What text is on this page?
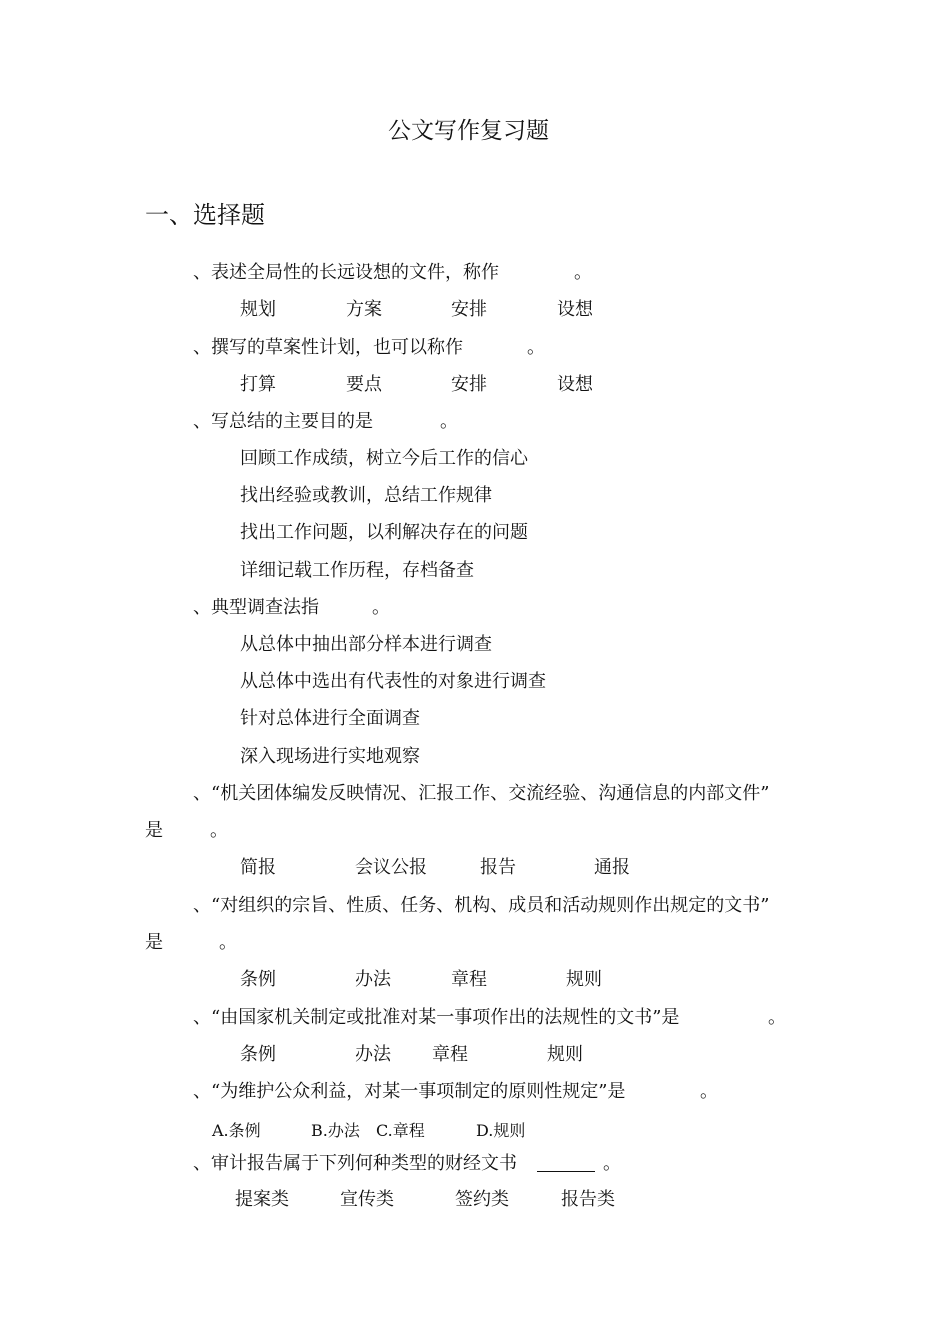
公文写作复习题
一、选择题
、表述全局性的长远设想的文件，称作	。
规划	方案	安排	设想
、撰写的草案性计划，也可以称作	。
打算	要点	安排	设想
、写总结的主要目的是	。
回顾工作成绩，树立今后工作的信心
找出经验或教训，总结工作规律
找出工作问题，以利解决存在的问题
详细记载工作历程，存档备查
、典型调查法指	。
从总体中抽出部分样本进行调查
从总体中选出有代表性的对象进行调查
针对总体进行全面调查
深入现场进行实地观察
、“机关团体编发反映情况、汇报工作、交流经验、沟通信息的内部文件”
是	。
简报	会议公报	报告	通报
、“对组织的宗旨、性质、任务、机构、成员和活动规则作出规定的文书”
是	。
条例	办法	章程	规则
、“由国家机关制定或批准对某一事项作出的法规性的文书”是	。
条例	办法 章程	规则
、“为维护公众利益，对某一事项制定的原则性规定”是	。
A.条例	B.办法 C.章程	D.规则
、审计报告属于下列何种类型的财经文书	。
提案类	宣传类	签约类	报告类
